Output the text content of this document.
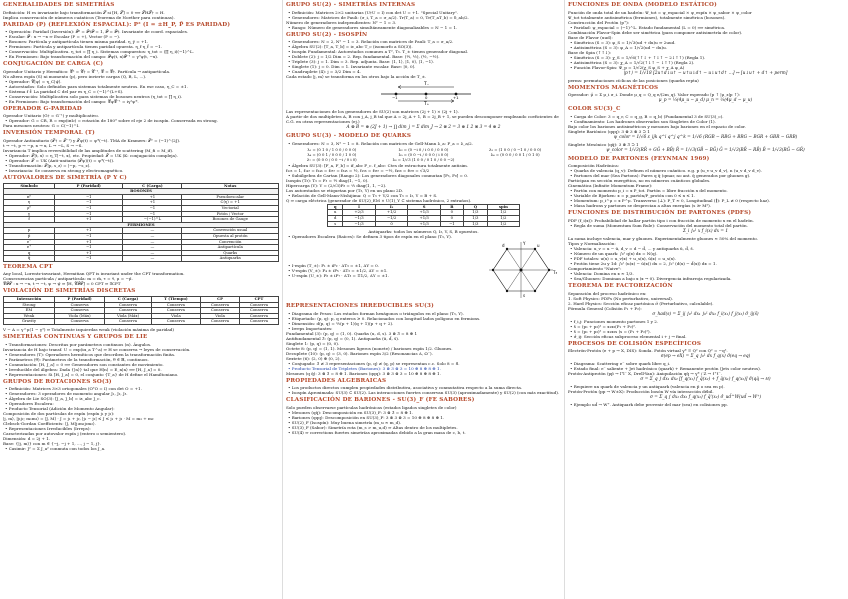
GENERALIDADES DE SIMETRÍAS

Definición: H es invariante bajo transformación 𝒮 si [H, 𝒮] = 0 ⟺ 𝒮H𝒮† = H.

Implica conservación de números cuánticos (Teorema de Noether para continuas).

PARIDAD (P) (REFLEXIÓN ESPACIAL): P² (I = ±Η_P, P̂ ES PARIDAD)

• Operación: Paridad (Inversión): 𝒫² = 𝒫†𝒫 = 1, 𝒫 = 𝒫†. Invariante de coord. espaciales.

• Escalar: 𝒫 : x → −x ⇒ Escalar (P = +), Vector (P = −).

• Bosones: Partícula y antipartícula tienen misma paridad. η_γ̄ = +1.

• Fermiones: Partícula y antipartícula tienen paridad opuesta. η_f η_f̄ = −1.

• Conservación: Multiplicativa. η_tot = ∏ η_i. Sistemas compuestos: η_tot = (∏ η_i)(−1)^L.

• En Fermiones: Bajo transformación del campo: 𝒫ψ(t, x)𝒫⁻¹ = γ⁰ψ(t, −x).

CONJUGACIÓN DE CARGA (C)

Operador Unitario y Hermítico: 𝒞² = 𝒞† = 𝒞⁻¹, 𝒞 = 𝒞†. Partícula → antipartícula.

No altera espín (S) ni momento (p), pero invierte cargas (Q, B, L, ...).

• Operador: 𝒞|ψ⟩ = η_C|ψ̄⟩.

• Autoestados: Solo definidos para sistemas totalmente neutros. En ese caso, η_C = ±1.

• Sistema f f̄: La paridad C del par es η_C = (−1)^(L+S).

• Conservación: Multiplicativa solo para sistemas de bosones neutros (η_tot = ∏ η_i).

• En Fermiones: Bajo transformación del campo: 𝒞ψ𝒞⁻¹ = iγ²ψ*.

OPERADOR G-PARIDAD

Operador Unitario (G† = G⁻¹) y multiplicativo.

• Operador: G = CR, R = exp(iπI₂) = rotación de 180° sobre el eje 2 de isospín. Conservada en strong.

Para mesones neutros: G = C(−1)^I.

INVERSIÓN TEMPORAL (T)

Operador Antiunitario (𝒯† = 𝒯⁻¹) y 𝒯ψ(t) = ψ*(−t). TMA de Kramers: 𝒯² = (−1)^(2J).

t → −t, p → −p, x → x, L → −L, S → −S.

Invariancia T implica reversibilidad de las amplitudes de scattering (M_fi = M_if).

• Operador: 𝒯|t, x⟩ = η_T|−t, x⟩, etc. Propiedad: 𝒯 = UK (K: conjugación compleja).

• Operador: 𝒯 = UK (Anti-unitario (𝒯ψ)(t) = ψ*(−t)).

• Transformación: 𝒯|p, s_z⟩ = |−p, −s_z⟩.

• Invariancia: Se conserva en strong y electromagnético.

AUTOVALORES DE SIMETRÍA (P Y C)
Símbolo	P (Paridad)	C (Carga)	Notas
BOSONES			
π⁰	−1	+1	Pseudoescalar
η	−1	+1	C(η) = +1
ρ⁰	−1	−1	Vectorial
γ	−1	−1	Fotón / Vector
f	+1	−(−1)^L	Bosones de Gauge
FERMIONES			
p	+1	—	Convención usual
p̄	−1	—	Opuesta al protón
e⁻	+1	—	Convención
e⁺	−1	—	Antipartícula
q	+1	—	Quarks
q̄	−1	—	Antiquarks
TEOREMA CPT

Any local, Lorentz-invariant, Hermitian QFT is invariant under the CPT transformation.

Consecuencias partícula / antipartícula: m = m̄, τ = τ̄, μ = −μ̄.

𝒞𝒫𝒯 : x → −x, t → −t, ψ → ψ̄ ⇒ [H, 𝒞𝒫𝒯] = 0 CPT ⇒ ∃CPT

VIOLACIÓN DE SIMETRÍAS DISCRETAS
Interacción	P (Paridad)	C (Carga)	T (Tiempo)	CP	CPT
Strong	Conserva	Conserva	Conserva	Conserva	Conserva
EM	Conserva	Conserva	Conserva	Conserva	Conserva
Weak	Viola (Máx)	Viola (Máx)	Viola	Viola	Conserva
Gravity	Conserva	Conserva	Conserva	Conserva	Conserva

V − A = γ^μ(1 − γ⁵) ⇒ Totalmente izquierdas weak (violación máxima de paridad)

SIMETRÍAS CONTINUAS Y GRUPOS DE LIE

• Transformaciones: Descritas por parámetros continuos (α). Ángulos.

Invariancia de H bajo transf. U = exp(iα_a T^a) ⇒ H se conserva → leyes de conservación.

• Generadores (T): Operadores hermíticos que describen la transformación finita.

• Parámetros (θ): Parámetros de la transformación, θ ∈ ℝ, continuos.

• Conmutación: [H, J_a] = 0 ⟹ Generadores son constantes de movimiento.

• Irreducible del álgebra: Dada {|n⟩} tal que H|n⟩ = E_n|n⟩ ⟹ [H, J_a] = 0.

• Representaciones: Si [H, J_a] = 0, el conjunto {T_a} de H define el Hamiltoniano.

GRUPOS DE ROTACIONES SO(3)

• Definición: Matrices 3×3 ortogonales (OᵀO = I) con det O = +1.

• Generadores: 3 operadores de momento angular J₁, J₂, J₃.

• Álgebra de Lie SO(3): [J_a, J_b] = iε_abc J_c.

• Operadores Escalera:

• Producto Tensorial (Adición de Momento Angular):

Composición de dos partículas de espín (espín j₁ y j₂):

|j, m⟩, |j₁j₂; m₁m₂⟩ = |J, M⟩ · J = j₁ + j₂, |j₁ − j₂| ≤ J ≤ j₁ + j₂ · M = m₁ + m₂

Clebsch-Gordan Coefficients: ⟨J, M|j₁m₁j₂m₂⟩.

• Representaciones Irreducibles (Irreps):

Caracterizadas por autovalor espín j (entero o semientero).

Dimensión: d = 2j + 1.

Base: {|j, m⟩} con m ∈ {−j, −j + 1, ..., j − 1, j}.

• Casimir: J² = Σ J_a² conmuta con todos los J_a.

GRUPO SU(2) - SIMETRÍAS INTERNAS

• Definición: Matrices 2×2 unitarias (U†U = I) con det U = +1. "Special Unitary".

• Generadores: Matrices de Pauli: (σ_i, T_a = σ_a/2). Tr(T_a) = 0, Tr(T_aT_b) = δ_ab/2.

Número de generadores independientes: N² − 1 = 3.

• Rango: Número de generadores simultáneamente diagonalizables = N − 1 = 1.

GRUPO SU(2) - ISOSPÍN

• Generadores: N = 2, N² − 1 = 3. Relación con matrices de Pauli: T_a = σ_a/2.

• Álgebra SU(2): [T_a, T_b] = iε_abc T_c (isomorfo a SO(3)).

• Isospín Fundamental: Autoestados comunes a T², T₃. T_± tienen generador diagonal.

• Doblete (2): j = 1/2 Dim = 2. Rep. fundamental. Base: (½, ½), (½, −½).

• Triplete (3): j = 1. Dim = 3. Rep. adjunta. Base: |1, 1⟩, |1, 0⟩, |1, −1⟩.

• Singlete (1): j = 0. Dim = 1. Invariante escalar. Base: |0, 0⟩.

• Cuadruplete (4): j = 3/2 Dim = 4.

Cada estado |j, m⟩ se transforma en los otros bajo la acción de T_±.

T₋
T₊
−1	0	+1

Las representaciones de los generadores de SU(2) son matrices (2j + 1) × (2j + 1).

A partir de dos multipletes A, B con j_A, j_B tal que A = 2j_A + 1, B = 2j_B + 1, se pueden descomponer empleando coeficientes de C.G. en otras representaciones (ej.)

A ⊗ B = ⊕ (2J + 1) → ∏ dim_j = Σ dim_J → 2 ⊗ 2 = 3 ⊕ 1 2 ⊗ 3 = 4 ⊕ 2

GRUPO SU(3) - MODELO DE QUARKS

• Generadores: N = 3, N² − 1 = 8. Relación con matrices de Gell-Mann λ_a: F_a = λ_a/2.

λ₁ = (0 1 0 / 1 0 0 / 0 0 0)	λ₂ = (0 −i 0 / i 0 0 / 0 0 0)	λ₃ = (1 0 0 / 0 −1 0 / 0 0 0)
λ₄ = (0 0 1 / 0 0 0 / 1 0 0)	λ₅ = (0 0 −i / 0 0 0 / i 0 0)	λ₆ = (0 0 0 / 0 0 1 / 0 1 0)
λ₇ = (0 0 0 / 0 0 −i / 0 i 0)	λ₈ = 1/√3 (1 0 0 / 0 1 0 / 0 0 −2)

• Álgebra SU(3): [F_a, F_b] = if_abc F_c. f_abc: Ctes de estructura totalmente antisim.

f₁₂₃ = 1, f₁₄₇ = f₂₄₆ = f₂₅₇ = f₃₄₅ = ½, f₁₅₆ = f₃₆₇ = −½, f₄₅₈ = f₆₇₈ = √3/2

• Subálgebra de Cartan (Rango 2): Los generadores diagonales conmutan [F₃, F₈] = 0.

Isospín (T₃): T₃ = F₃ = ½ diag(1, −1, 0).

Hipercarga (Y): Y = (2/√3)F₈ = ⅓ diag(1, 1, −2).

Los autoestados se etiquetan por (T₃, Y) en un plano 2D.

• Relación de Gell-Mann-Nishijima: Q = T₃ + Y/2 con T₃ = I₃, Y = B + S.

Q ⇒ carga eléctrica (generador de SU(2)_EM × U(1)_Y ⊂ sistema hadrónico, 2 extraños).

q	I	I₃	S	B	Q	spin
u	+2/3	+1/2	+1/3	0	1/3	1/2
d	−1/3	−1/2	+1/3	0	1/3	1/2
s	−1/3	0	+1/3	−1	1/3	1/2

Antiquarks: todos los números Q, I₃, Y, S, B opuestos.

• Operadores Escalera (Raíces): Se definen 3 tipos de espín en el plano (T₃, Y).

• I-espín (T_±): F₁ ± iF₂ · ΔT₃ = ±1, ΔY = 0.

• V-espín (V_±): F₄ ± iF₅ · ΔT₃ = ±1/2, ΔY = ±1.

• U-espín (U_±): F₆ ± iF₇ · ΔT₃ = ∓1/2, ΔY = ±1.

d	u
s
T₃
Y
REPRESENTACIONES IRREDUCIBLES SU(3)

• Diagrama de Pesos: Los estados forman hexágonos o triángulos en el plano (T₃, Y).

• Etiquetado: (p, q): p, q enteros ≥ 0. Relacionados con longitud lados polígono en fermions.

• Dimensión: d(p, q) = ½(p + 1)(q + 1)(p + q + 2).

• Irreps Importantes:

Fundamental (3): (p, q) = (1, 0). Quarks (u, d, s). 3 ⊗ 3̄ = 8 ⊕ 1

Antifundamental 3̄: (p, q) = (0, 1). Antiquarks (ū, d̄, s̄).

Singlete 1: (p, q) = (0, 0).

Octete 8: (p, q) = (1, 1). Mesones ligeros (nonete) / bariones espín 1/2. Gluones.

Decuplete (10): (p, q) = (3, 0). Bariones espín 3/2 (Resonancias Δ, Ω⁻).

Sextete (6): (2, 0) ⊕ (0, 2).

• Conjugado: 3̄ ≠ 3 representaciones (p, q) ≠ (q, p) se representan c.c. Solo 8 = 8̄.

• Producto Tensorial de Tripletes (Bariones): 3 ⊗ 3 ⊗ 3 = 10 ⊕ 8 ⊕ 8 ⊕ 1.

Mesones (q q̄): 3 ⊗ 3̄ = 8 ⊕ 1. Bariones (qqq): 3 ⊗ 3 ⊗ 3 = 10 ⊕ 8 ⊕ 8 ⊕ 1.

PROPIEDADES ALGEBRAICAS

• Los productos directos cumplen propiedades distributiva, asociativa y conmutativa respecto a la suma directa.

• Isospín Aproximada: SU(3) ⊂ SU(2). Las interacciones fuertes conservan SU(3) (aproximadamente) y SU(2) (con más exactitud).

CLASIFICACIÓN DE BARIONES - SU(3)_F (FE SABORES)

Solo pueden observarse partículas hadrónicas (estados ligados singletes de color)

• Mesones (qq̄): Descomposición en SU(3)_F: 3 ⊗ 3̄ = 8 ⊕ 1.

• Bariones (qqq): Descomposición en SU(3)_F: 3 ⊗ 3 ⊗ 3 = 10 ⊕ 8 ⊕ 8 ⊕ 1.

• SU(2)_F (Isospín): Muy buena simetría (m_u ≈ m_d).

• SU(3)_F (Sabor): Simetría rota (m_s > m_u,d) ⇒ Altas dentro de los multipletes.

• SU(4) ⇒ corrections fuertes simetrías aproximadas debido a la gran masa de c, b, t.

FUNCIONES DE ONDA (MODELO ESTÁTICO)

Función de onda total de un hadrón: Ψ_tot = ψ_espacial × ψ_espín × ψ_sabor × ψ_color

Ψ_tot totalmente antisimétrica (fermiones), totalmente simétrica (bosones).

Construcción del Protón (p⁺):

• Paridad: ψ_espacial = (−1)^L. Estado fundamental (L = 0) ⟹ simétrica.

Combinación Flavor-Spin debe ser simétrica (para componer antisimetría de color).

Base de Flavor (uud):

• Simétrica (S = 3): φ_S = 1/√3(ud + du)u ⇒ 2uud.

• Antisimétrica (S = 3): φ_A = 1/√2(ud − du)u.

Base de Spin (↑↑↓):

• Simétrica (S = 3): χ_S = 1/√6(↑↑↓ + ↑↓↑ − 2↓↑↑) (Regla 1).

• Antisimétrica (S = 3): χ_A = 1/√2(↑↓↑ − ↓↑↑) (Regla 2).

• Función Flavor-Spin: Ψ_p = 1/√2(χ_S φ_S + χ_A φ_A)

|p↑⟩ = 1/√18 [2u↑d↓u↑ − u↑u↓d↑ − u↓u↑d↑ ...] ↔ [u↓u↑ + d↑ + perm]

perms: permutaciones cíclicas de las posiciones (quarks repta)

MOMENTOS MAGNÉTICOS

Operador: μ̂ = Σ μ_i σ_i. Donde μ_q = Q_q e/(2m_q). Valor esperado ⟨p ↑ |μ_z|p ↑⟩:

μ_p = ⅓(4μ_u − μ_d) μ_n = ⅓(4μ_d − μ_u)

COLOR SU(3)_C

• Carga de Color: 3 = q_r, C = q_g, B = q_b) (Fundamental 3 de SU(3)_c).

• Confinamiento: Los hadrones observados son Singletes de Color (1).

Bajo color los bariones antisimétricos y mesones bajo bariones en el espacio de color.

Singlete Bariónico (qqq): 3 ⊗ 3 ⊗ 3 ⊃ 1

ψ_color = 1/√6 ε_ijk q^i q^j q^k = 1/√6 (RGB − RBG + BRG − BGR + GBR − GRB)

Singlete Mesónico (qq̄): 3 ⊗ 3̄ ⊃ 1

ψ_color = 1/√3(RR̄ + GḠ + BB̄) R̄ = 1/√3(GB̄ − BḠ) Ḡ = 1/√3(BR̄ − RB̄) B̄ = 1/√3(RḠ − GR̄)

MODELO DE PARTONES (FEYNMAN 1969)

Composición Hadrónica:

• Quarks de valencia (q_v): Definen el número cuántico. e.g. p (u_v u_v d_v), n (u_v d_v d_v).

• Partones del mar (Sea Partons): Pares q q̄ (qmar, no ant. q̄ generados por gluones g).

Participan en sección energética, no en números cuánticos globales.

Cinemática (Infinite Momentum Frame):

• Partón con momento p_i = x P_tot. Partón = libre fracción x del momento.

• Variable de Bjorken: x = p_partón/P_protón con 0 ≤ x ≤ 1.

• Momentum: p_i^μ = x P^μ. Transverso (⊥): P_T ≈ 0, Longitudinal (∥): P_L ≠ 0 (respecto haz).

• Masa hadrons y partones se desprecian a altas energías (s ≫ M²).

FUNCIONES DE DISTRIBUCIÓN DE PARTONES (PDFS)

PDF (f_i(x)): Probabilidad de hallar partón tipo i con fracción de momento x en el hadrón.

• Regla de suma (Momentum Sum Rule): Conservación del momento total del partón.

Σ_i ∫₀¹ x f_i(x) dx = 1

La suma incluye valencia, mar y gluones. Experimentalmente gluones ≈ 50% del momento.

Tipos y Normalización:

• Valencia: u_v = u − ū, d_v = d − d̄, ... y antiquarks ū, d̄, s̄.

• Número de un quark: ∫₀¹ q(x) dx = N(q).

• PDF totales: u(x) = u_v(x) + u_s(x), ū(x) = u_s(x).

• Protón tiene 2u y 1d: ∫₀¹ (u(x) − ū(x)) dx = 2, ∫₀¹ (d(x) − d̄(x)) dx = 1.

Comportamiento "Naive":

• Valencia: Domina en x ≈ 1/3.

• Sea/Gluones: Dominan a bajo x (x → 0). Divergencia infrarroja regularizada.

TEOREMA DE FACTORIZACIÓN

Separación del proceso hadrónico en:

1. Soft Physics: PDFs (No perturbativo, universal).

2. Hard Physics: Sección eficaz partónica σ̂ (Perturbativo, calculable).

Fórmula General (Colisión P₁ + P₂):

σ_had(s) = Σ_ij ∫₀¹ dx₁ ∫₀¹ dx₂ f_i(x₁) f_j(x₂) σ̂_ij(ŝ)

• f_i,j: Funciones momento partones 1 y 2.

• ŝ = (p₁ + p₂)² = x₁x₂(P₁ + P₂)².

• ŝ = (p₁ + p₂)² = x₁x₂s (s = (P₁ + P₂)²).

• σ̂_ij: Sección eficaz subproceso elemental i + j → final.

PROCESOS DE COLISIÓN ESPECÍFICOS

Electrón-Protón (e + p → X, DIS): Sonda. Fotón virtual γ* ≡ Q² con Q² = −q².

σ(ep → eX) = Σ_q ∫₀¹ dx f_q(x) σ̂(eq → eq)

• Diagrama: Scattering e⁻ sobre quark libre q_i.

• Estado final: e⁻ saliente + Jet hadrónico (quark) + Remanente protón (Jets color neutros).

Protón-Antiprotón (pp̄ → l⁺l⁻ X, Drell-Yan): Aniquilación qq̄ → γ* / Z → ℓ⁺ℓ⁻.

σ = Σ_q ∫ dx₁ dx₂ [f_q(x₁) f_q̄(x₂) + f_q̄(x₁) f_q(x₂)] σ̂(qq̄ → ℓℓ)

• Requiere un quark de valencia y un antiquark (valencia en p̄ o sea en p).

Protón-Protón (pp → W±X): Producción bosón W vía interacción débil.

σ = Σ_q ∫ dx₁ dx₂ f_q(x₁) f_q̄'(x₂) σ̂_ud̄^W(ud̄ → W⁺)

• Ejemplo ud̄ → W⁺. Antiquark debe provenir del mar (sea) en colisiones pp.
